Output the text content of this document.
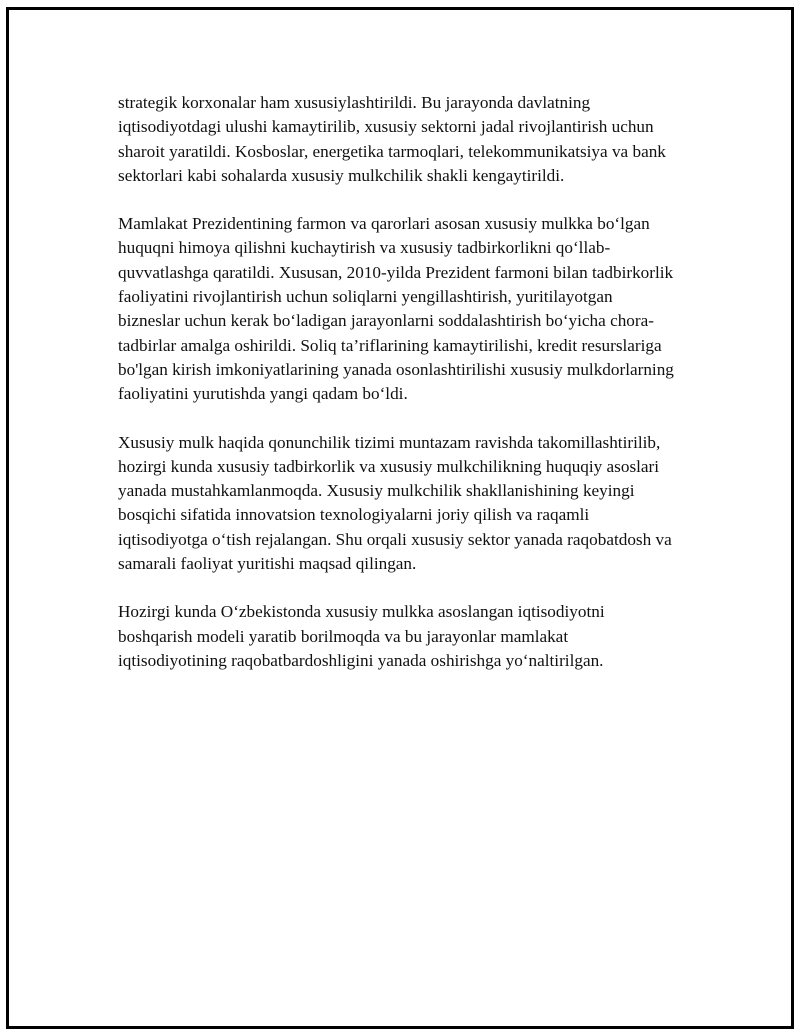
strategik korxonalar ham xususiylashtirildi. Bu jarayonda davlatning iqtisodiyotdagi ulushi kamaytirilib, xususiy sektorni jadal rivojlantirish uchun sharoit yaratildi. Kosboslar, energetika tarmoqlari, telekommunikatsiya va bank sektorlari kabi sohalarda xususiy mulkchilik shakli kengaytirildi.

Mamlakat Prezidentining farmon va qarorlari asosan xususiy mulkka bo‘lgan huquqni himoya qilishni kuchaytirish va xususiy tadbirkorlikni qo‘llab-quvvatlashga qaratildi. Xususan, 2010-yilda Prezident farmoni bilan tadbirkorlik faoliyatini rivojlantirish uchun soliqlarni yengillashtirish, yuritilayotgan bizneslar uchun kerak bo‘ladigan jarayonlarni soddalashtirish bo‘yicha chora-tadbirlar amalga oshirildi. Soliq ta’riflarining kamaytirilishi, kredit resurslariga bo'lgan kirish imkoniyatlarining yanada osonlashtirilishi xususiy mulkdorlarning faoliyatini yurutishda yangi qadam bo‘ldi.

Xususiy mulk haqida qonunchilik tizimi muntazam ravishda takomillashtirilib, hozirgi kunda xususiy tadbirkorlik va xususiy mulkchilikning huquqiy asoslari yanada mustahkamlanmoqda. Xususiy mulkchilik shakllanishining keyingi bosqichi sifatida innovatsion texnologiyalarni joriy qilish va raqamli iqtisodiyotga o‘tish rejalangan. Shu orqali xususiy sektor yanada raqobatdosh va samarali faoliyat yuritishi maqsad qilingan.

Hozirgi kunda O‘zbekistonda xususiy mulkka asoslangan iqtisodiyotni boshqarish modeli yaratib borilmoqda va bu jarayonlar mamlakat iqtisodiyotining raqobatbardoshligini yanada oshirishga yo‘naltirilgan.
